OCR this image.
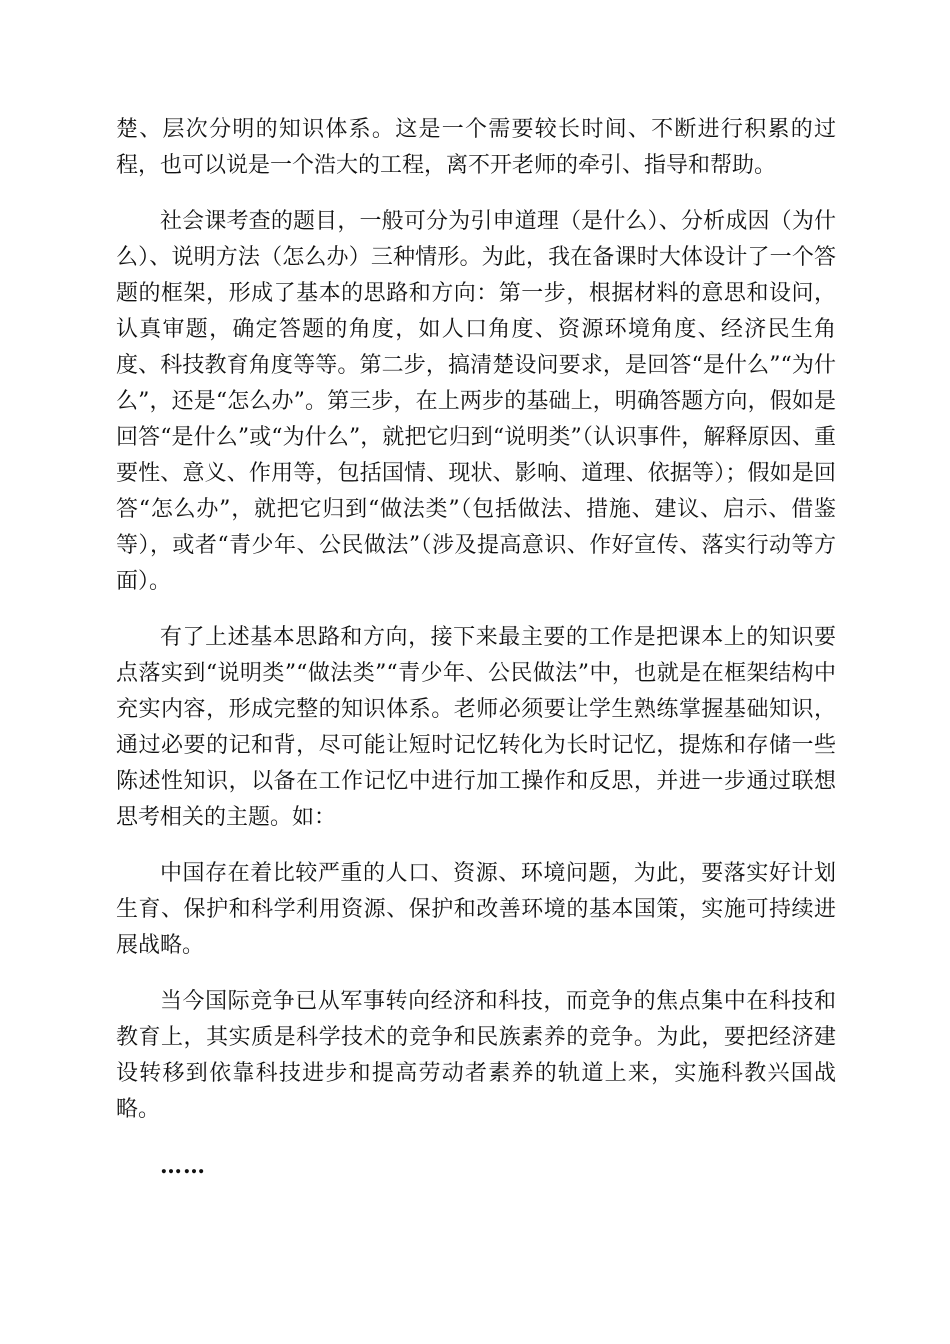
楚、层次分明的知识体系。这是一个需要较长时间、不断进行积累的过程，也可以说是一个浩大的工程，离不开老师的牵引、指导和帮助。

社会课考查的题目，一般可分为引申道理（是什么）、分析成因（为什么）、说明方法（怎么办）三种情形。为此，我在备课时大体设计了一个答题的框架，形成了基本的思路和方向：第一步，根据材料的意思和设问，认真审题，确定答题的角度，如人口角度、资源环境角度、经济民生角度、科技教育角度等等。第二步，搞清楚设问要求，是回答“是什么”“为什么”，还是“怎么办”。第三步，在上两步的基础上，明确答题方向，假如是回答“是什么”或“为什么”，就把它归到“说明类”（认识事件，解释原因、重要性、意义、作用等，包括国情、现状、影响、道理、依据等）；假如是回答“怎么办”，就把它归到“做法类”（包括做法、措施、建议、启示、借鉴等），或者“青少年、公民做法”（涉及提高意识、作好宣传、落实行动等方面）。

有了上述基本思路和方向，接下来最主要的工作是把课本上的知识要点落实到“说明类”“做法类”“青少年、公民做法”中，也就是在框架结构中充实内容，形成完整的知识体系。老师必须要让学生熟练掌握基础知识，通过必要的记和背，尽可能让短时记忆转化为长时记忆，提炼和存储一些陈述性知识，以备在工作记忆中进行加工操作和反思，并进一步通过联想思考相关的主题。如：

中国存在着比较严重的人口、资源、环境问题，为此，要落实好计划生育、保护和科学利用资源、保护和改善环境的基本国策，实施可持续进展战略。

当今国际竞争已从军事转向经济和科技，而竞争的焦点集中在科技和教育上，其实质是科学技术的竞争和民族素养的竞争。为此，要把经济建设转移到依靠科技进步和提高劳动者素养的轨道上来，实施科教兴国战略。

……
